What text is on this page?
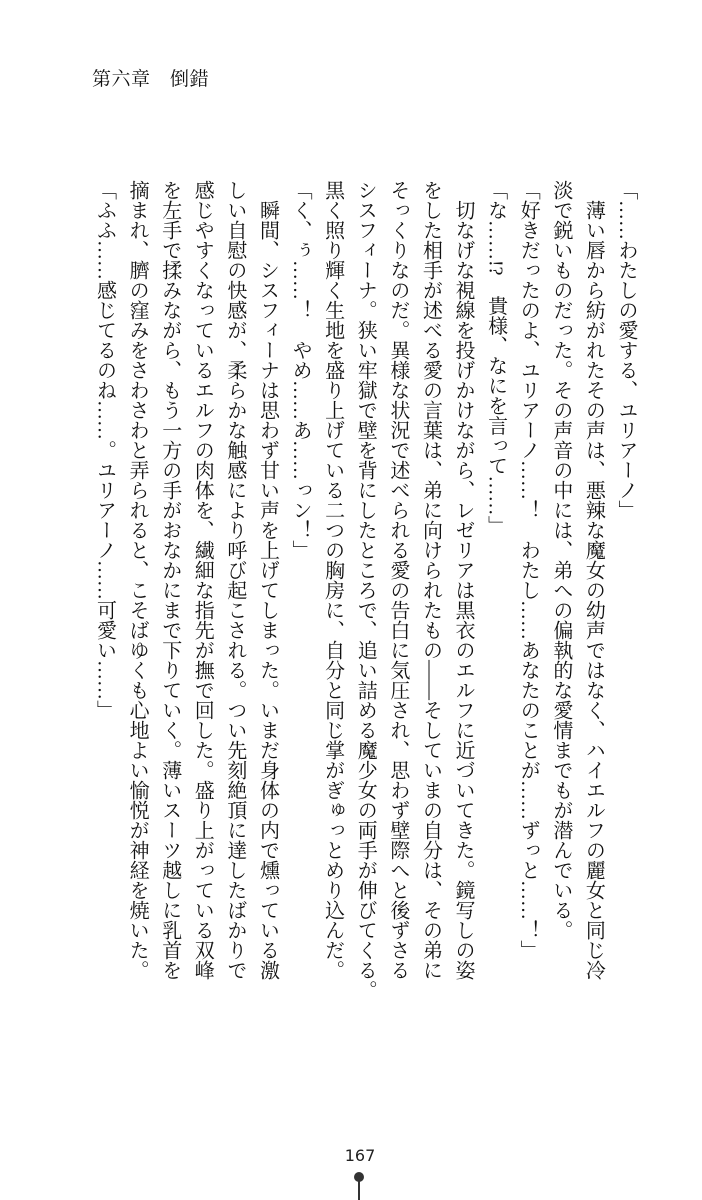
第六章　倒錯
「……わたしの愛する、ユリアーノ」
　薄い唇から紡がれたその声は、悪辣な魔女の幼声ではなく、ハイエルフの麗女と同じ冷
淡で鋭いものだった。その声音の中には、弟への偏執的な愛情までもが潜んでいる。
「好きだったのよ、ユリアーノ……！　わたし……あなたのことが……ずっと……！」
「な……!?　貴様、なにを言って……」
　切なげな視線を投げかけながら、レゼリアは黒衣のエルフに近づいてきた。鏡写しの姿
をした相手が述べる愛の言葉は、弟に向けられたもの――そしていまの自分は、その弟に
そっくりなのだ。異様な状況で述べられる愛の告白に気圧され、思わず壁際へと後ずさる
シスフィーナ。狭い牢獄で壁を背にしたところで、追い詰める魔少女の両手が伸びてくる。
黒く照り輝く生地を盛り上げている二つの胸房に、自分と同じ掌がぎゅっとめり込んだ。
「く、ぅ……！　やめ……あ……っン！」
　瞬間、シスフィーナは思わず甘い声を上げてしまった。いまだ身体の内で燻っている激
しい自慰の快感が、柔らかな触感により呼び起こされる。つい先刻絶頂に達したばかりで
感じやすくなっているエルフの肉体を、繊細な指先が撫で回した。盛り上がっている双峰
を左手で揉みながら、もう一方の手がおなかにまで下りていく。薄いスーツ越しに乳首を
摘まれ、臍の窪みをさわさわと弄られると、こそばゆくも心地よい愉悦が神経を焼いた。
「ふふ……感じてるのね……。ユリアーノ……可愛い……」
167
